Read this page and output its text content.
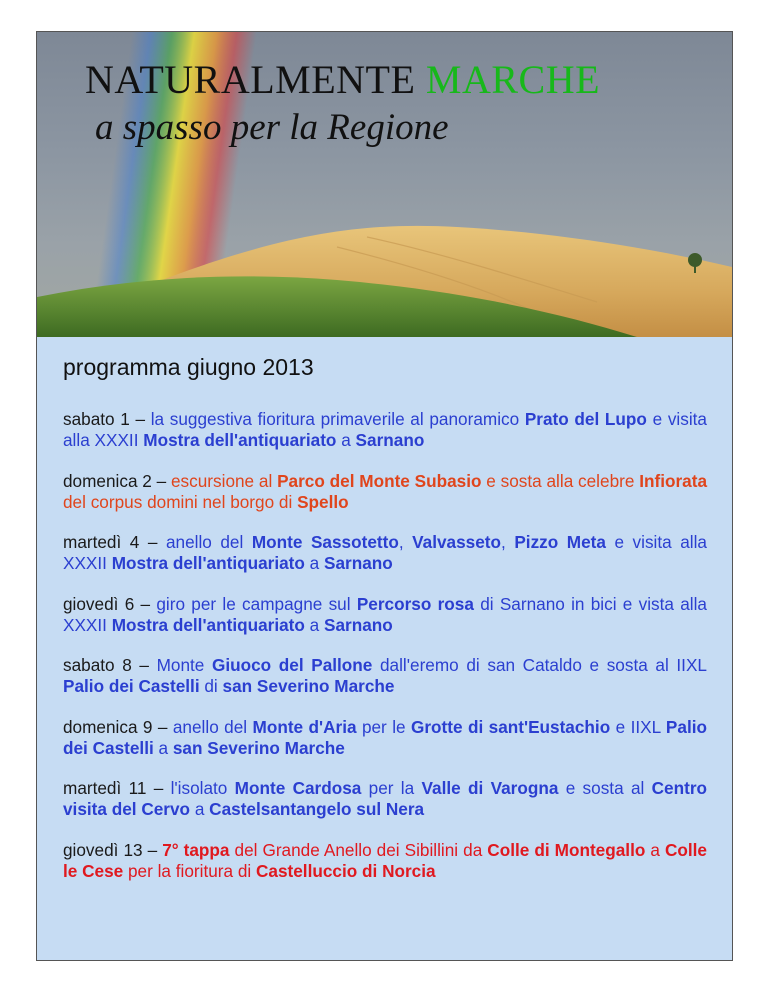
NATURALMENTE MARCHE
a spasso per la Regione
programma giugno 2013

sabato 1 – la suggestiva fioritura primaverile al panoramico Prato del Lupo e visita alla XXXII Mostra dell'antiquariato a Sarnano

domenica 2 – escursione al Parco del Monte Subasio e sosta alla celebre Infiorata del corpus domini nel borgo di Spello

martedì 4 – anello del Monte Sassotetto, Valvasseto, Pizzo Meta e visita alla XXXII Mostra dell'antiquariato a Sarnano

giovedì 6 – giro per le campagne sul Percorso rosa di Sarnano in bici e vista alla XXXII Mostra dell'antiquariato a Sarnano

sabato 8 – Monte Giuoco del Pallone dall'eremo di san Cataldo e sosta al IIXL Palio dei Castelli di san Severino Marche

domenica 9 – anello del Monte d'Aria per le Grotte di sant'Eustachio e IIXL Palio dei Castelli a san Severino Marche

martedì 11 – l'isolato Monte Cardosa per la Valle di Varogna e sosta al Centro visita del Cervo a Castelsantangelo sul Nera

giovedì 13 – 7° tappa del Grande Anello dei Sibillini da Colle di Montegallo a Colle le Cese per la fioritura di Castelluccio di Norcia
